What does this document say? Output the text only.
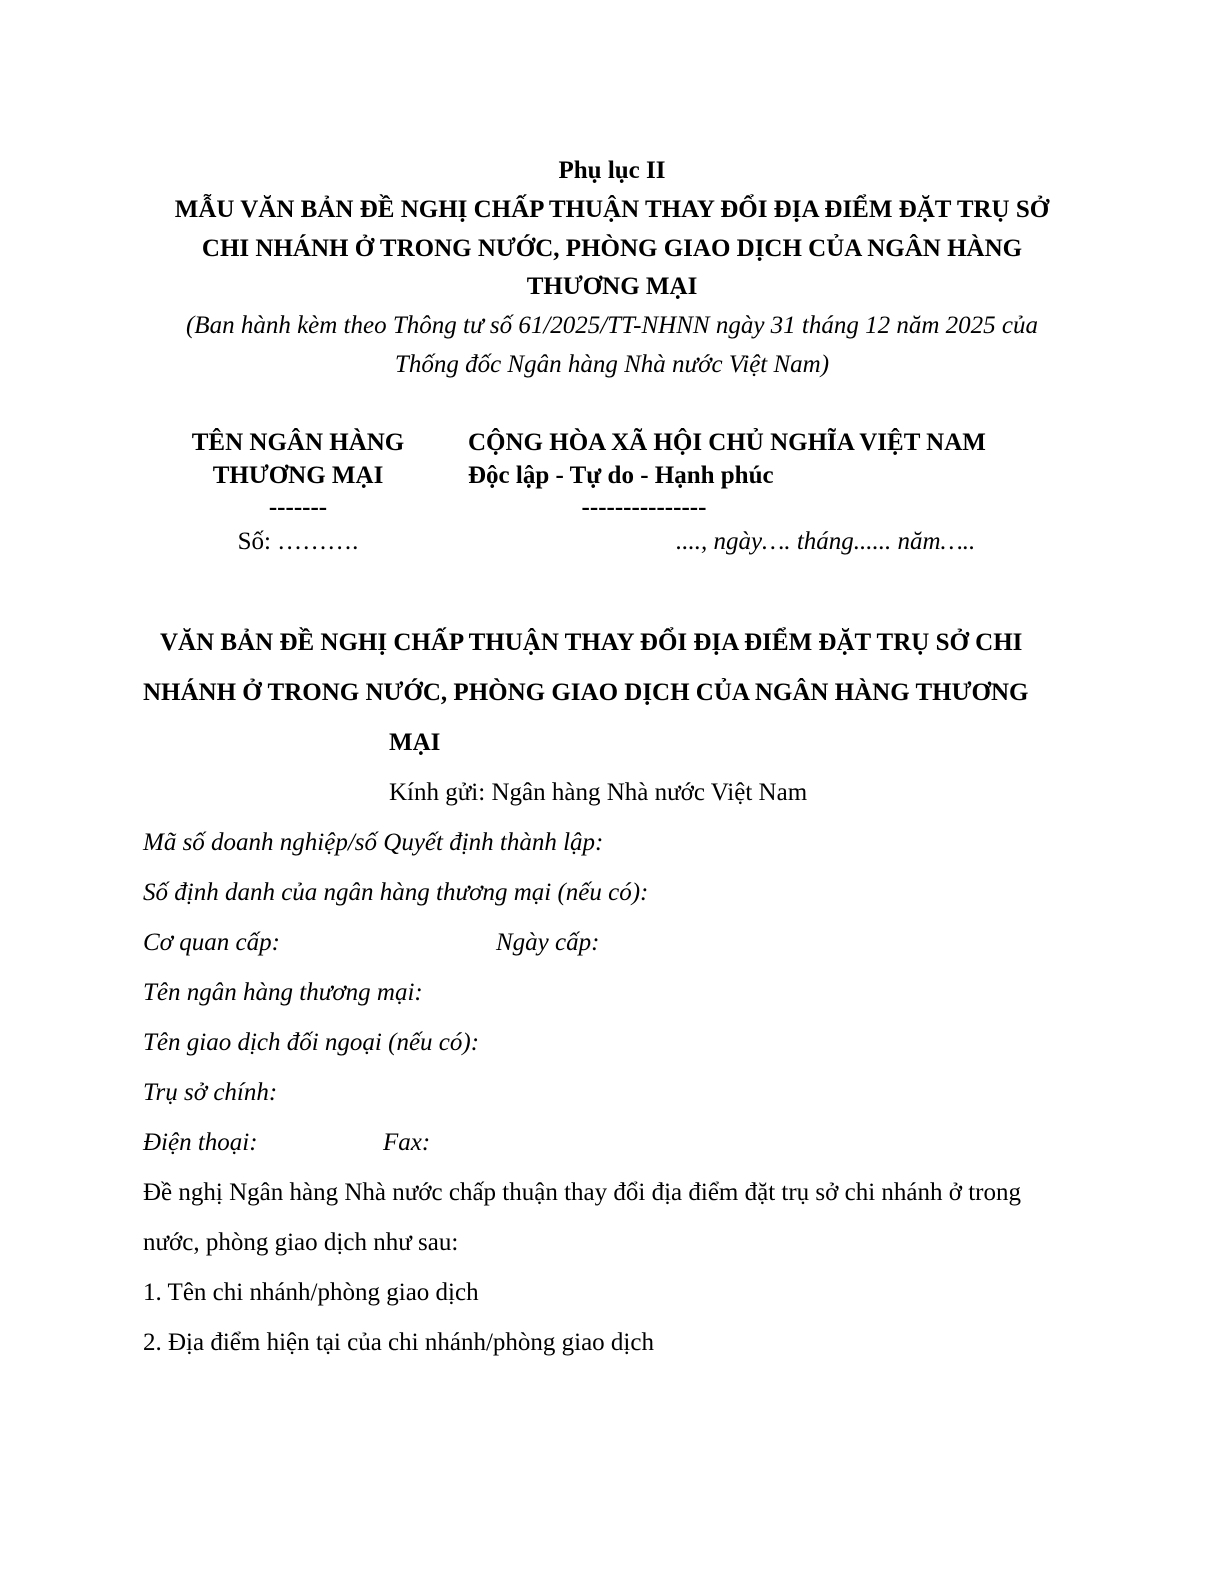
Phụ lục II
MẪU VĂN BẢN ĐỀ NGHỊ CHẤP THUẬN THAY ĐỔI ĐỊA ĐIỂM ĐẶT TRỤ SỞ
CHI NHÁNH Ở TRONG NƯỚC, PHÒNG GIAO DỊCH CỦA NGÂN HÀNG
THƯƠNG MẠI
(Ban hành kèm theo Thông tư số 61/2025/TT-NHNN ngày 31 tháng 12 năm 2025 của
Thống đốc Ngân hàng Nhà nước Việt Nam)
TÊN NGÂN HÀNG
THƯƠNG MẠI
-------
Số: ……….
CỘNG HÒA XÃ HỘI CHỦ NGHĨA VIỆT NAM
Độc lập - Tự do - Hạnh phúc
---------------
...., ngày…. tháng...... năm…..
VĂN BẢN ĐỀ NGHỊ CHẤP THUẬN THAY ĐỔI ĐỊA ĐIỂM ĐẶT TRỤ SỞ CHI
NHÁNH Ở TRONG NƯỚC, PHÒNG GIAO DỊCH CỦA NGÂN HÀNG THƯƠNG
MẠI
Kính gửi: Ngân hàng Nhà nước Việt Nam
Mã số doanh nghiệp/số Quyết định thành lập:
Số định danh của ngân hàng thương mại (nếu có):
Cơ quan cấp:	Ngày cấp:
Tên ngân hàng thương mại:
Tên giao dịch đối ngoại (nếu có):
Trụ sở chính:
Điện thoại:	Fax:
Đề nghị Ngân hàng Nhà nước chấp thuận thay đổi địa điểm đặt trụ sở chi nhánh ở trong
nước, phòng giao dịch như sau:
1. Tên chi nhánh/phòng giao dịch
2. Địa điểm hiện tại của chi nhánh/phòng giao dịch
